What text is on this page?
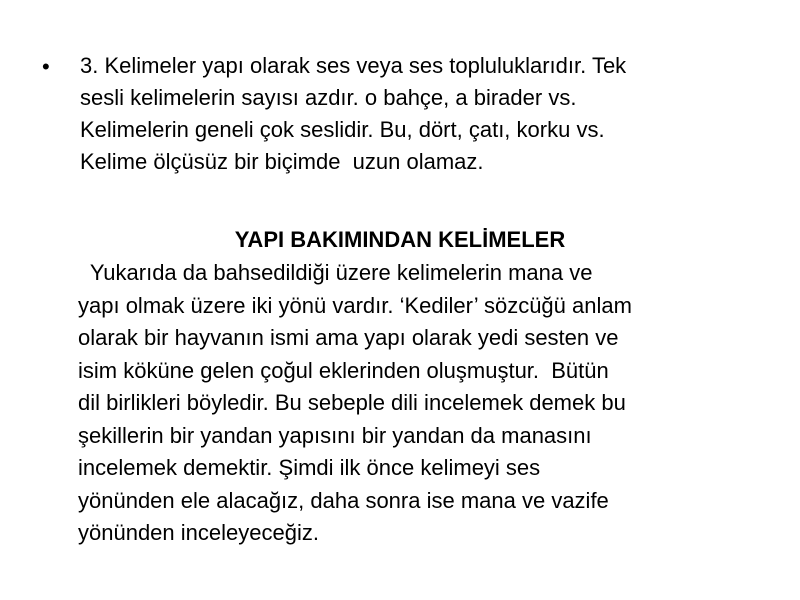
•	3. Kelimeler yapı olarak ses veya ses topluluklarıdır. Tek
sesli kelimelerin sayısı azdır. o bahçe, a birader vs.
Kelimelerin geneli çok seslidir. Bu, dört, çatı, korku vs.
Kelime ölçüsüz bir biçimde  uzun olamaz.
YAPI BAKIMINDAN KELİMELER
Yukarıda da bahsedildiği üzere kelimelerin mana ve
yapı olmak üzere iki yönü vardır. ‘Kediler’ sözcüğü anlam
olarak bir hayvanın ismi ama yapı olarak yedi sesten ve
isim köküne gelen çoğul eklerinden oluşmuştur.  Bütün
dil birlikleri böyledir. Bu sebeple dili incelemek demek bu
şekillerin bir yandan yapısını bir yandan da manasını
incelemek demektir. Şimdi ilk önce kelimeyi ses
yönünden ele alacağız, daha sonra ise mana ve vazife
yönünden inceleyeceğiz.
